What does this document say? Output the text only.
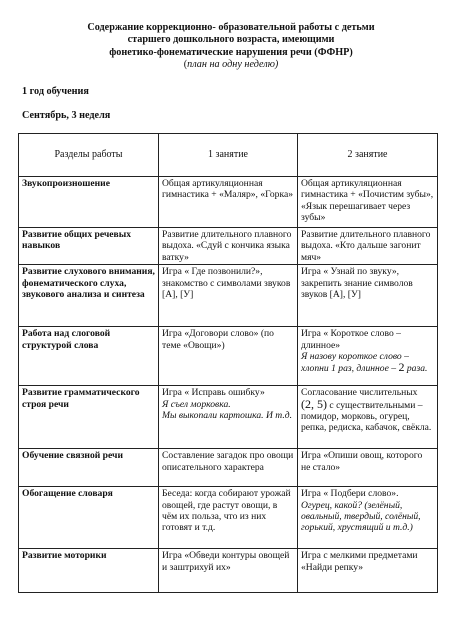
Содержание коррекционно- образовательной работы с детьми
старшего дошкольного возраста, имеющими
фонетико-фонематические нарушения речи (ФФНР)
(план на одну неделю)
1 год обучения
Сентябрь, 3 неделя
Разделы работы	1 занятие	2 занятие
Звукопроизношение	Общая артикуляционная гимнастика + «Маляр», «Горка»	Общая артикуляционная гимнастика + «Почистим зубы», «Язык перешагивает через зубы»
Развитие общих речевых навыков	Развитие длительного плавного выдоха. «Сдуй с кончика языка ватку»	Развитие длительного плавного выдоха. «Кто дальше загонит мяч»
Развитие слухового внимания, фонематического слуха, звукового анализа и синтеза	Игра « Где позвонили?», знакомство с символами звуков [А], [У]	Игра « Узнай по звуку», закрепить знание символов звуков [А], [У]
Работа над слоговой структурой слова	Игра «Договори слово» (по теме «Овощи»)	Игра « Короткое слово – длинное»
Я назову короткое слово – хлопни 1 раз, длинное – 2 раза.
Развитие грамматического строя речи	Игра « Исправь ошибку»
Я съел морковка.
Мы выкопали картошка. И т.д.	Согласование числительных
(2, 5) с существительными – помидор, морковь, огурец, репка, редиска, кабачок, свёкла.
Обучение связной речи	Составление загадок про овощи описательного характера	Игра «Опиши овощ, которого не стало»
Обогащение словаря	Беседа: когда собирают урожай овощей, где растут овощи, в чём их польза, что из них готовят и т.д.	Игра « Подбери слово».
Огурец, какой? (зелёный, овальный, твердый, солёный, горький, хрустящий и т.д.)
Развитие моторики	Игра «Обведи контуры овощей и заштрихуй их»	Игра с мелкими предметами «Найди репку»
